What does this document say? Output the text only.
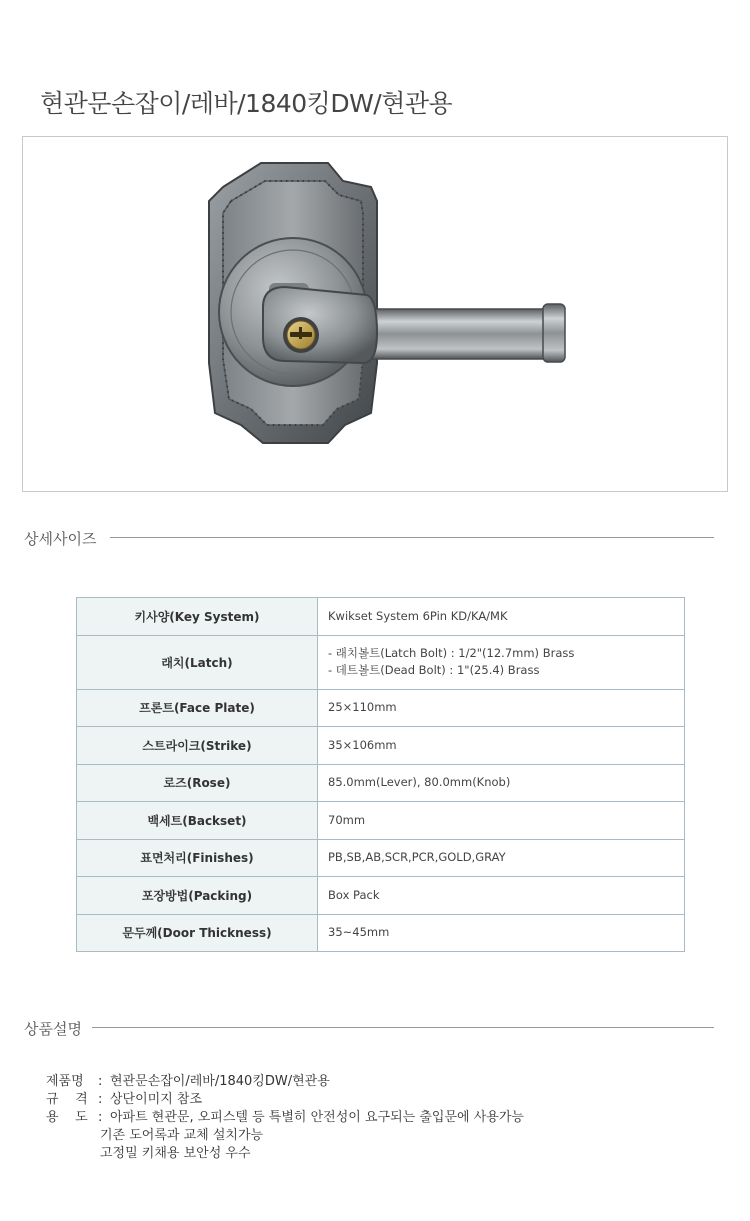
현관문손잡이/레바/1840킹DW/현관용
상세사이즈
키사양(Key System)	Kwikset System 6Pin KD/KA/MK
래치(Latch)	- 래치볼트(Latch Bolt) : 1/2"(12.7mm) Brass
- 데트볼트(Dead Bolt) : 1"(25.4) Brass

프론트(Face Plate)	25×110mm
스트라이크(Strike)	35×106mm
로즈(Rose)	85.0mm(Lever), 80.0mm(Knob)
백세트(Backset)	70mm
표면처리(Finishes)	PB,SB,AB,SCR,PCR,GOLD,GRAY
포장방법(Packing)	Box Pack
문두께(Door Thickness)	35~45mm
상품설명
제품명	: 현관문손잡이/레바/1840킹DW/현관용
규    격 : 상단이미지 참조
용    도 : 아파트 현관문, 오피스텔 등 특별히 안전성이 요구되는 출입문에 사용가능
기존 도어록과 교체 설치가능
고정밀 키채용 보안성 우수
